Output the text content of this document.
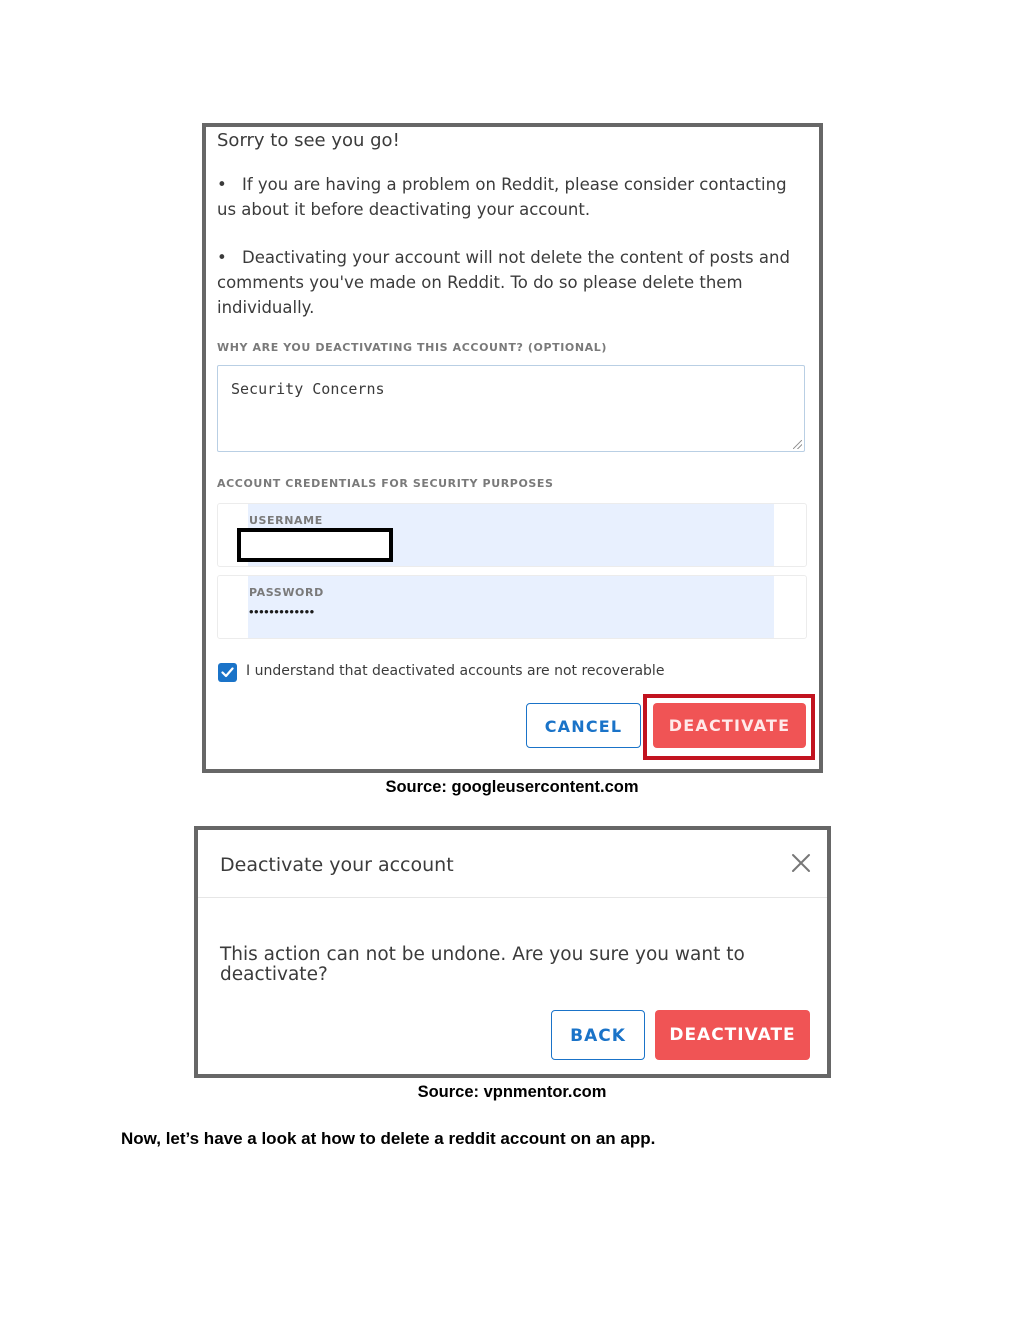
Sorry to see you go!
• If you are having a problem on Reddit, please consider contacting us about it before deactivating your account.
• Deactivating your account will not delete the content of posts and comments you've made on Reddit. To do so please delete them individually.
WHY ARE YOU DEACTIVATING THIS ACCOUNT? (OPTIONAL)
Security Concerns
ACCOUNT CREDENTIALS FOR SECURITY PURPOSES
USERNAME
PASSWORD
•••••••••••••
I understand that deactivated accounts are not recoverable
CANCEL	DEACTIVATE
Source: googleusercontent.com
Deactivate your account
This action can not be undone. Are you sure you want to deactivate?
BACK	DEACTIVATE
Source: vpnmentor.com
Now, let’s have a look at how to delete a reddit account on an app.
